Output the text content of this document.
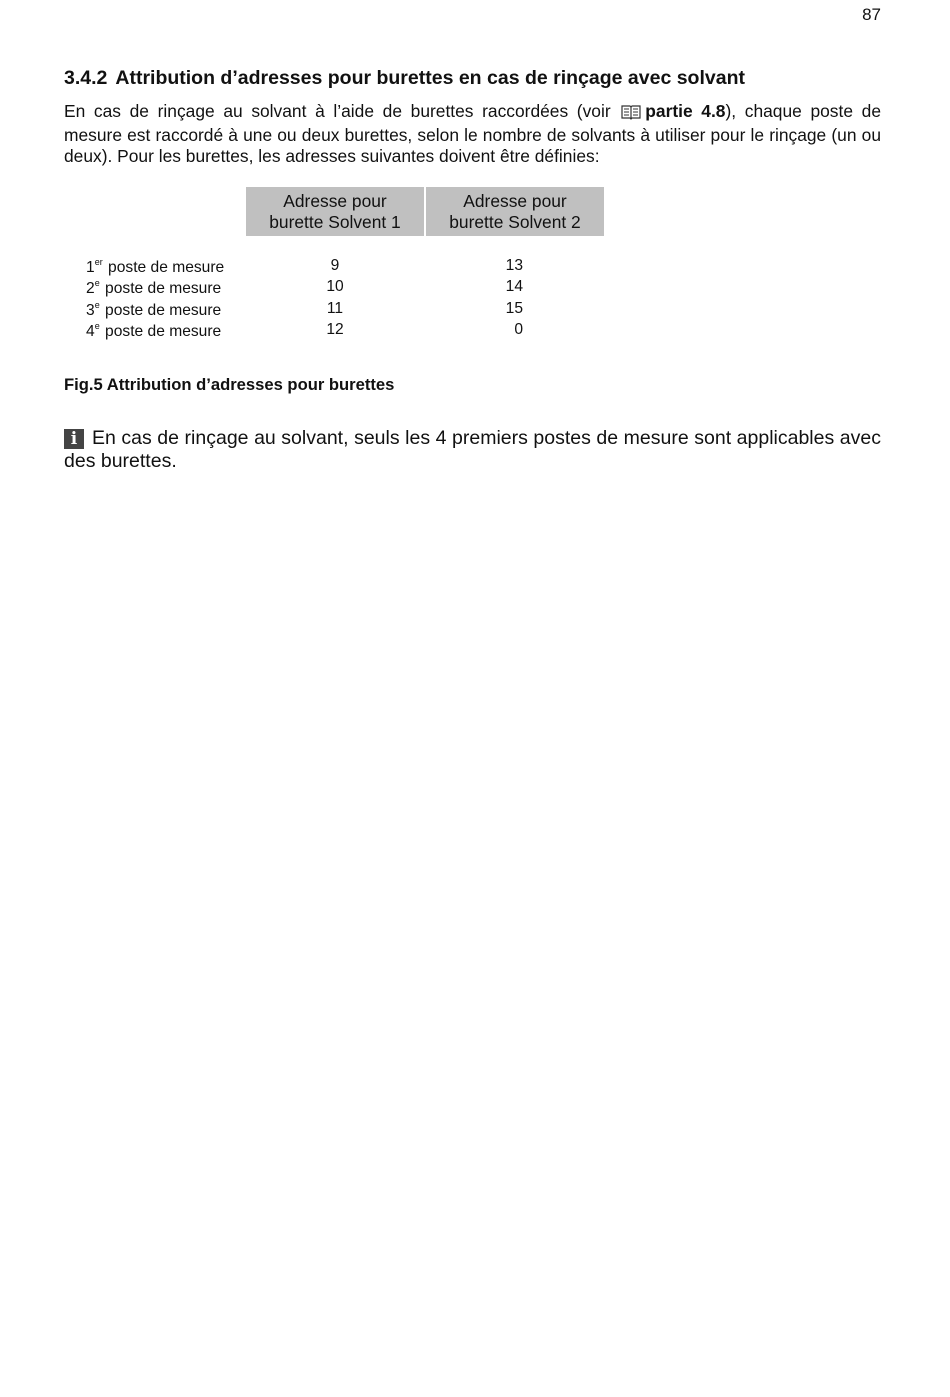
87
3.4.2 Attribution d’adresses pour burettes en cas de rinçage avec solvant

En cas de rinçage au solvant à l’aide de burettes raccordées (voir partie 4.8), chaque poste de mesure est raccordé à une ou deux burettes, selon le nombre de solvants à utiliser pour le rinçage (un ou deux). Pour les burettes, les adresses suivantes doivent être définies:

Adresse pour
burette Solvent 1
Adresse pour
burette Solvent 2
1er poste de mesure	9	13
2e poste de mesure	10	14
3e poste de mesure	11	15
4e poste de mesure	12	0

Fig.5 Attribution d’adresses pour burettes

i En cas de rinçage au solvant, seuls les 4 premiers postes de mesure sont applicables avec des burettes.
